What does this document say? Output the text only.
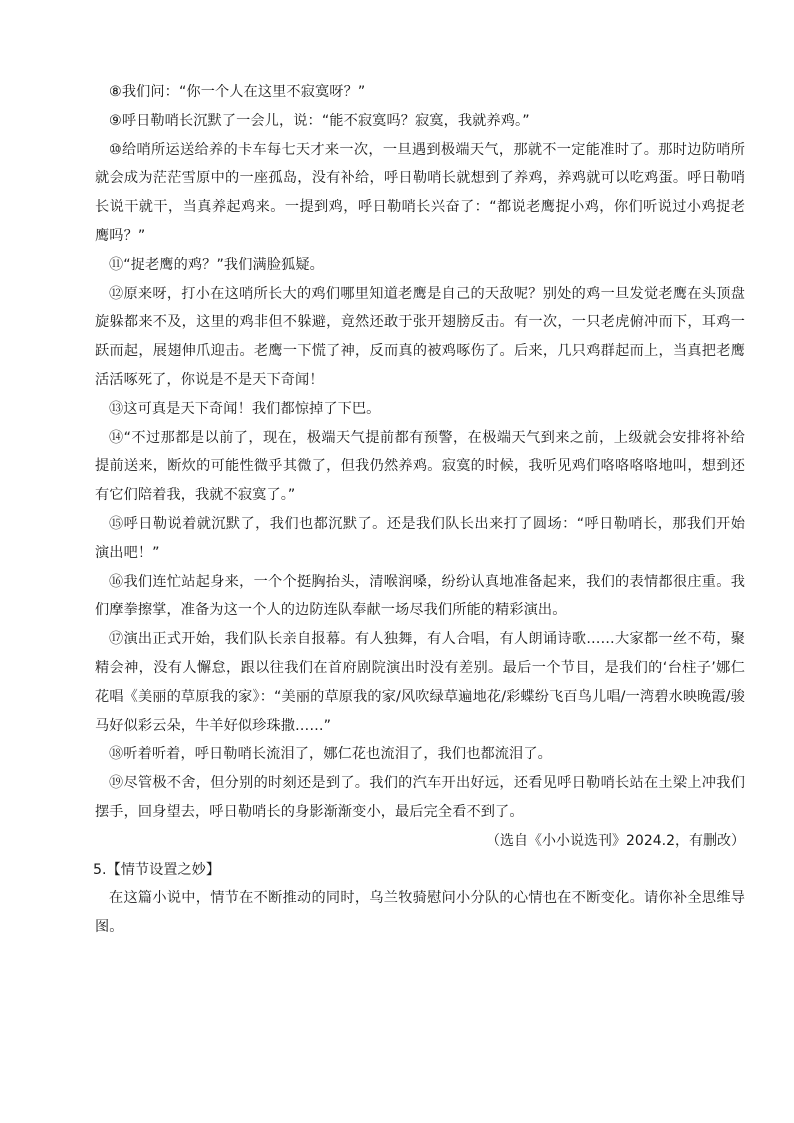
⑧我们问：“你一个人在这里不寂寞呀？”

⑨呼日勒哨长沉默了一会儿，说：“能不寂寞吗？寂寞，我就养鸡。”

⑩给哨所运送给养的卡车每七天才来一次，一旦遇到极端天气，那就不一定能准时了。那时边防哨所就会成为茫茫雪原中的一座孤岛，没有补给，呼日勒哨长就想到了养鸡，养鸡就可以吃鸡蛋。呼日勒哨长说干就干，当真养起鸡来。一提到鸡，呼日勒哨长兴奋了：“都说老鹰捉小鸡，你们听说过小鸡捉老鹰吗？”

⑪“捉老鹰的鸡？”我们满脸狐疑。

⑫原来呀，打小在这哨所长大的鸡们哪里知道老鹰是自己的天敌呢？别处的鸡一旦发觉老鹰在头顶盘旋躲都来不及，这里的鸡非但不躲避，竟然还敢于张开翅膀反击。有一次，一只老虎俯冲而下，耳鸡一跃而起，展翅伸爪迎击。老鹰一下慌了神，反而真的被鸡啄伤了。后来，几只鸡群起而上，当真把老鹰活活啄死了，你说是不是天下奇闻！

⑬这可真是天下奇闻！我们都惊掉了下巴。

⑭“不过那都是以前了，现在，极端天气提前都有预警，在极端天气到来之前，上级就会安排将补给提前送来，断炊的可能性微乎其微了，但我仍然养鸡。寂寞的时候，我听见鸡们咯咯咯咯地叫，想到还有它们陪着我，我就不寂寞了。”

⑮呼日勒说着就沉默了，我们也都沉默了。还是我们队长出来打了圆场：“呼日勒哨长，那我们开始演出吧！”

⑯我们连忙站起身来，一个个挺胸抬头，清喉润嗓，纷纷认真地准备起来，我们的表情都很庄重。我们摩拳擦掌，准备为这一个人的边防连队奉献一场尽我们所能的精彩演出。

⑰演出正式开始，我们队长亲自报幕。有人独舞，有人合唱，有人朗诵诗歌……大家都一丝不苟，聚精会神，没有人懈怠，跟以往我们在首府剧院演出时没有差别。最后一个节目，是我们的‘台柱子’娜仁花唱《美丽的草原我的家》：“美丽的草原我的家/风吹绿草遍地花/彩蝶纷飞百鸟儿唱/一湾碧水映晚霞/骏马好似彩云朵，牛羊好似珍珠撒……”

⑱听着听着，呼日勒哨长流泪了，娜仁花也流泪了，我们也都流泪了。

⑲尽管极不舍，但分别的时刻还是到了。我们的汽车开出好远，还看见呼日勒哨长站在土梁上冲我们摆手，回身望去，呼日勒哨长的身影渐渐变小，最后完全看不到了。

（选自《小小说选刊》2024.2，有删改）

5.【情节设置之妙】

在这篇小说中，情节在不断推动的同时，乌兰牧骑慰问小分队的心情也在不断变化。请你补全思维导图。
